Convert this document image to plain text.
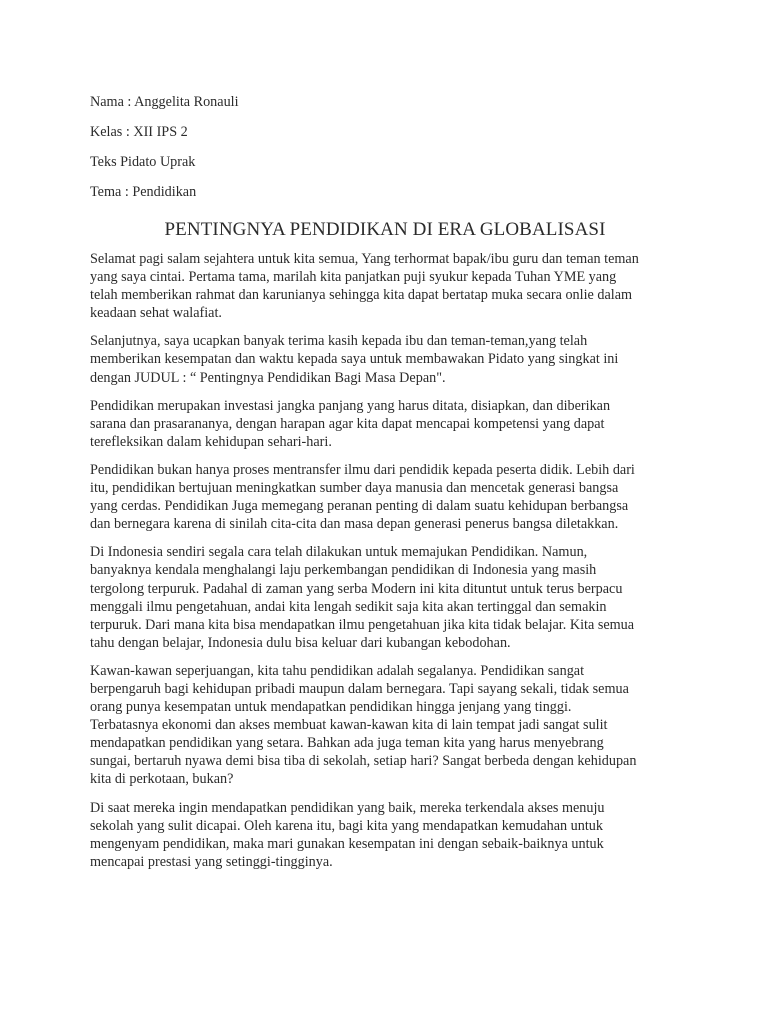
Nama : Anggelita Ronauli
Kelas : XII IPS 2
Teks Pidato Uprak
Tema : Pendidikan
PENTINGNYA PENDIDIKAN DI ERA GLOBALISASI
Selamat pagi salam sejahtera untuk kita semua, Yang terhormat bapak/ibu guru dan teman teman
yang saya cintai. Pertama tama, marilah kita panjatkan puji syukur kepada Tuhan YME yang
telah memberikan rahmat dan karunianya sehingga kita dapat bertatap muka secara onlie dalam
keadaan sehat walafiat.
Selanjutnya, saya ucapkan banyak terima kasih kepada ibu dan teman-teman,yang telah
memberikan kesempatan dan waktu kepada saya untuk membawakan Pidato yang singkat ini
dengan JUDUL : “ Pentingnya Pendidikan Bagi Masa Depan".
Pendidikan merupakan investasi jangka panjang yang harus ditata, disiapkan, dan diberikan
sarana dan prasarananya, dengan harapan agar kita dapat mencapai kompetensi yang dapat
terefleksikan dalam kehidupan sehari-hari.
Pendidikan bukan hanya proses mentransfer ilmu dari pendidik kepada peserta didik. Lebih dari
itu, pendidikan bertujuan meningkatkan sumber daya manusia dan mencetak generasi bangsa
yang cerdas. Pendidikan Juga memegang peranan penting di dalam suatu kehidupan berbangsa
dan bernegara karena di sinilah cita-cita dan masa depan generasi penerus bangsa diletakkan.
Di Indonesia sendiri segala cara telah dilakukan untuk memajukan Pendidikan. Namun,
banyaknya kendala menghalangi laju perkembangan pendidikan di Indonesia yang masih
tergolong terpuruk. Padahal di zaman yang serba Modern ini kita dituntut untuk terus berpacu
menggali ilmu pengetahuan, andai kita lengah sedikit saja kita akan tertinggal dan semakin
terpuruk. Dari mana kita bisa mendapatkan ilmu pengetahuan jika kita tidak belajar. Kita semua
tahu dengan belajar, Indonesia dulu bisa keluar dari kubangan kebodohan.
Kawan-kawan seperjuangan, kita tahu pendidikan adalah segalanya. Pendidikan sangat
berpengaruh bagi kehidupan pribadi maupun dalam bernegara. Tapi sayang sekali, tidak semua
orang punya kesempatan untuk mendapatkan pendidikan hingga jenjang yang tinggi.
Terbatasnya ekonomi dan akses membuat kawan-kawan kita di lain tempat jadi sangat sulit
mendapatkan pendidikan yang setara. Bahkan ada juga teman kita yang harus menyebrang
sungai, bertaruh nyawa demi bisa tiba di sekolah, setiap hari? Sangat berbeda dengan kehidupan
kita di perkotaan, bukan?
Di saat mereka ingin mendapatkan pendidikan yang baik, mereka terkendala akses menuju
sekolah yang sulit dicapai. Oleh karena itu, bagi kita yang mendapatkan kemudahan untuk
mengenyam pendidikan, maka mari gunakan kesempatan ini dengan sebaik-baiknya untuk
mencapai prestasi yang setinggi-tingginya.
